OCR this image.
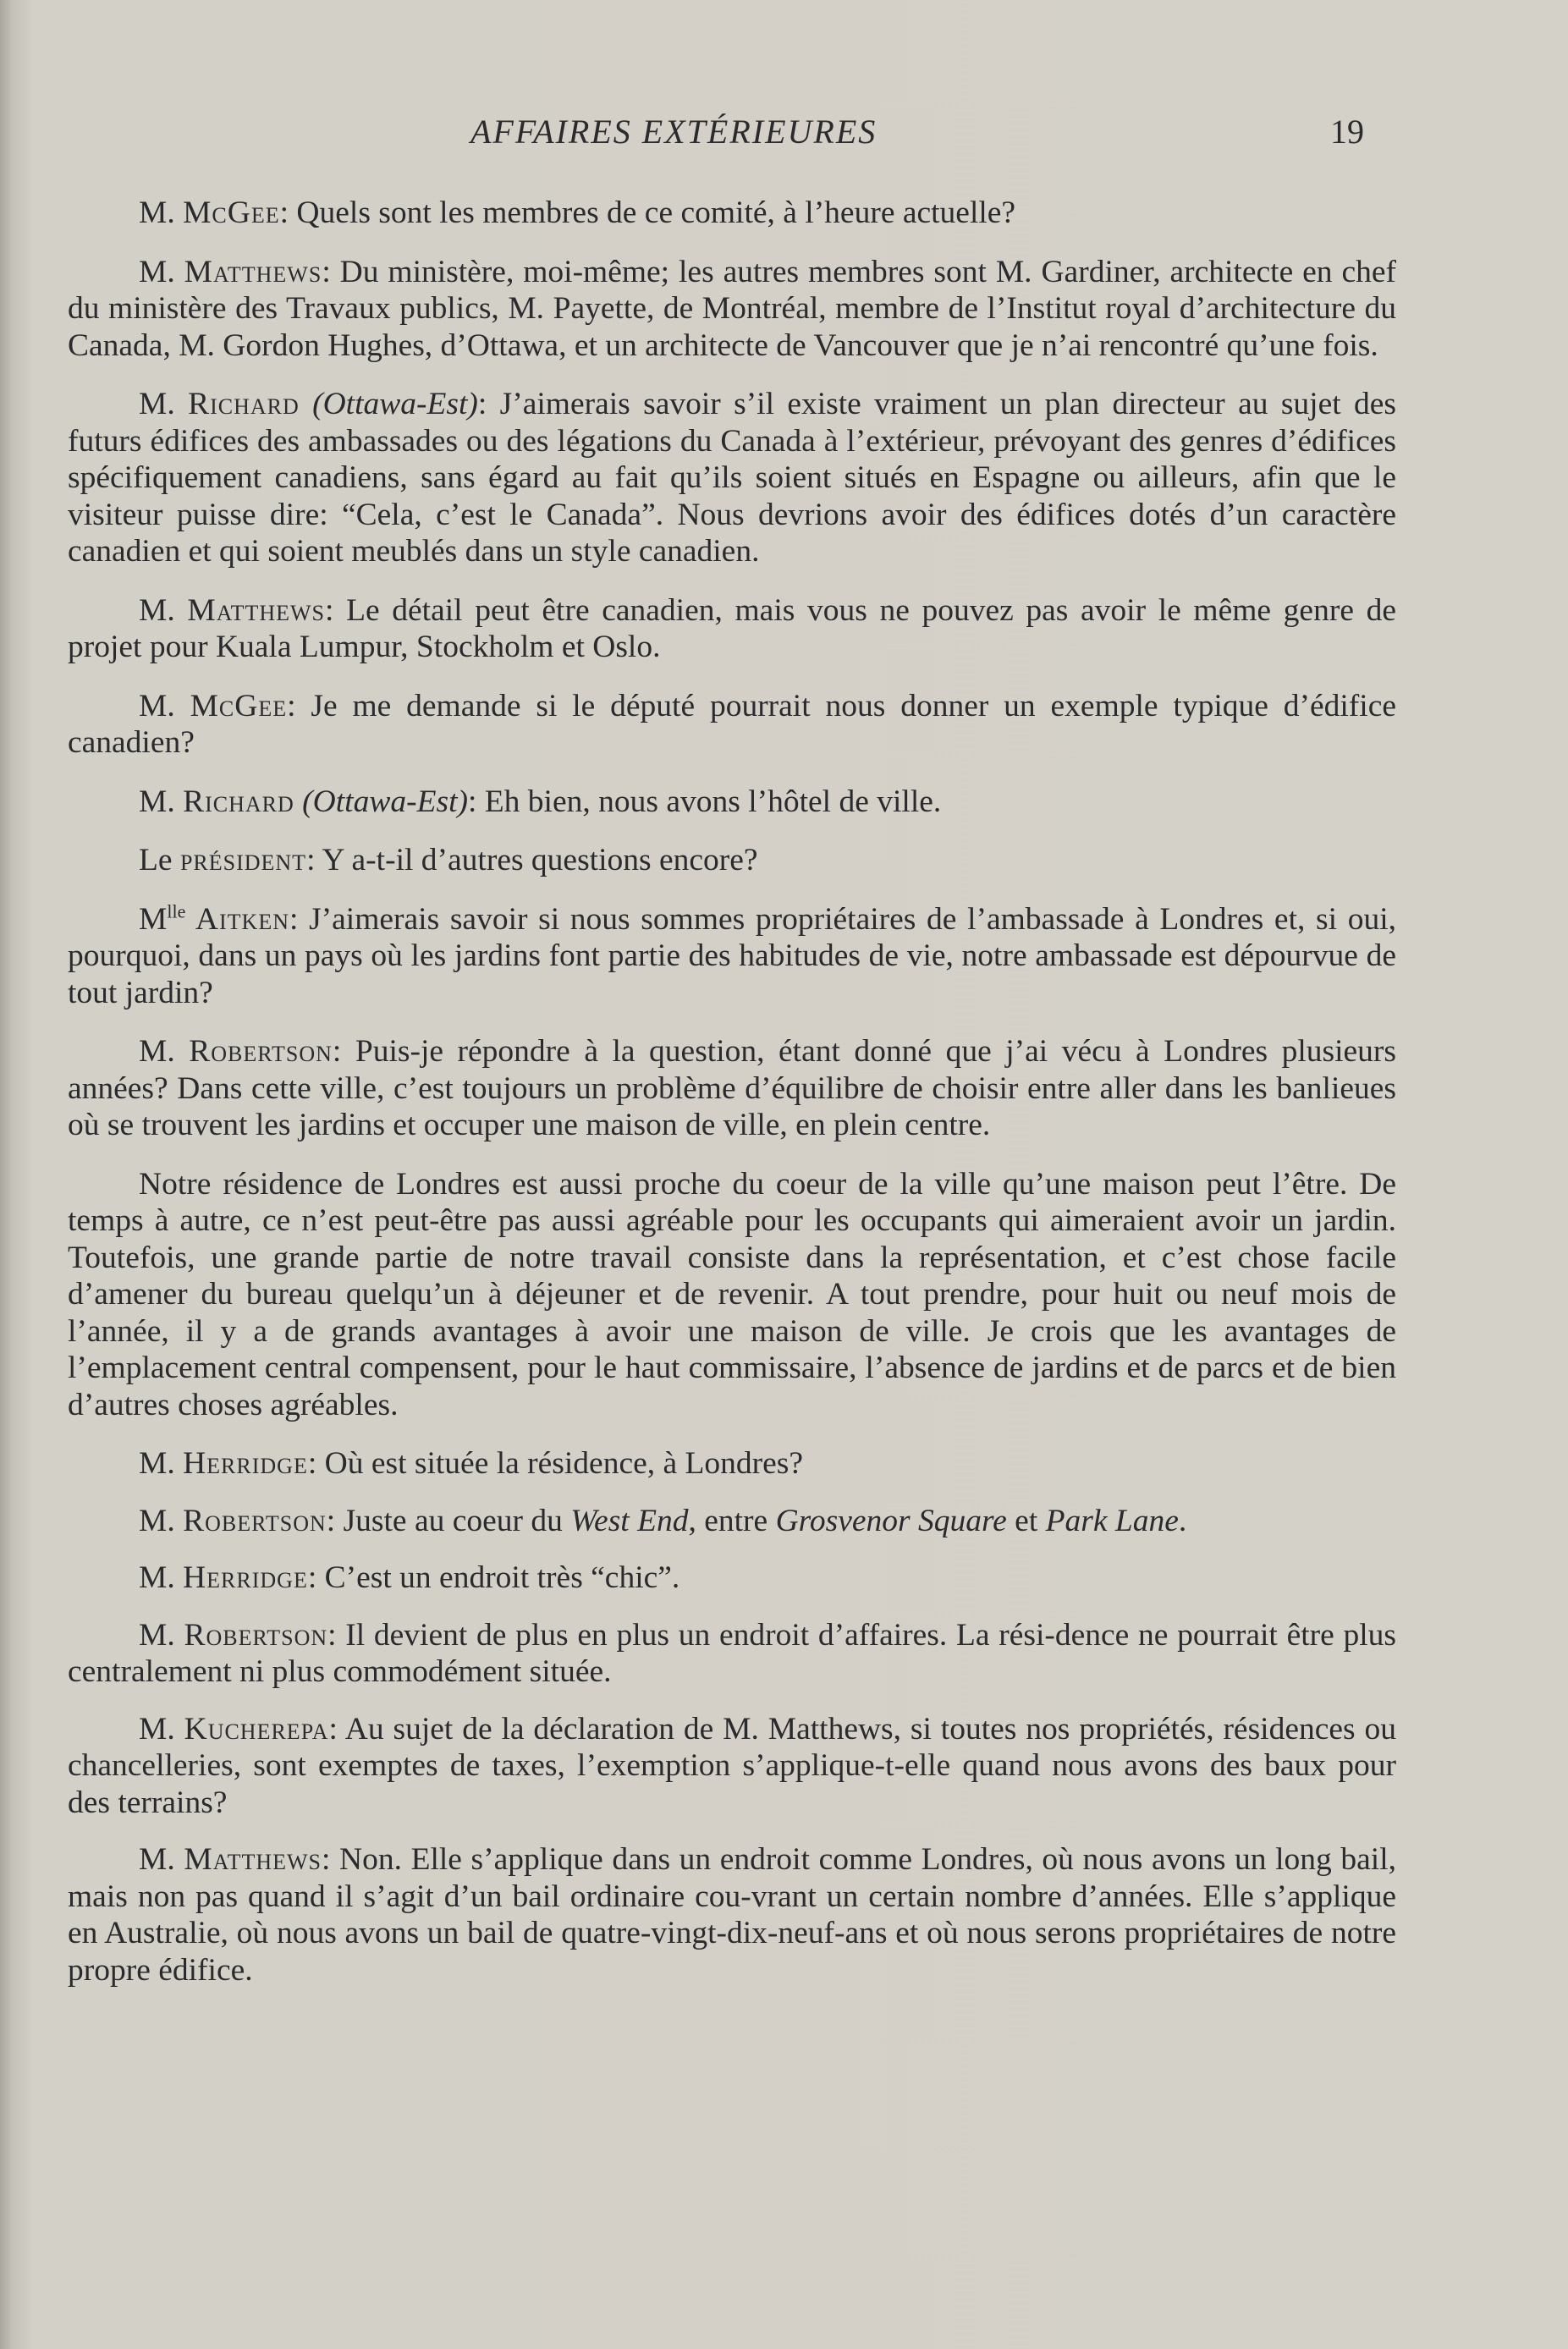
AFFAIRES EXTÉRIEURES	19

M. McGee: Quels sont les membres de ce comité, à l’heure actuelle?

M. Matthews: Du ministère, moi-même; les autres membres sont M. Gardiner, architecte en chef du ministère des Travaux publics, M. Payette, de Montréal, membre de l’Institut royal d’architecture du Canada, M. Gordon Hughes, d’Ottawa, et un architecte de Vancouver que je n’ai rencontré qu’une fois.

M. Richard (Ottawa-Est): J’aimerais savoir s’il existe vraiment un plan directeur au sujet des futurs édifices des ambassades ou des légations du Canada à l’extérieur, prévoyant des genres d’édifices spécifiquement canadiens, sans égard au fait qu’ils soient situés en Espagne ou ailleurs, afin que le visiteur puisse dire: “Cela, c’est le Canada”. Nous devrions avoir des édifices dotés d’un caractère canadien et qui soient meublés dans un style canadien.

M. Matthews: Le détail peut être canadien, mais vous ne pouvez pas avoir le même genre de projet pour Kuala Lumpur, Stockholm et Oslo.

M. McGee: Je me demande si le député pourrait nous donner un exemple typique d’édifice canadien?

M. Richard (Ottawa-Est): Eh bien, nous avons l’hôtel de ville.

Le président: Y a-t-il d’autres questions encore?

$M^{lle}$ Aitken: J’aimerais savoir si nous sommes propriétaires de l’ambassade à Londres et, si oui, pourquoi, dans un pays où les jardins font partie des habitudes de vie, notre ambassade est dépourvue de tout jardin?

M. Robertson: Puis-je répondre à la question, étant donné que j’ai vécu à Londres plusieurs années? Dans cette ville, c’est toujours un problème d’équilibre de choisir entre aller dans les banlieues où se trouvent les jardins et occuper une maison de ville, en plein centre.

Notre résidence de Londres est aussi proche du coeur de la ville qu’une maison peut l’être. De temps à autre, ce n’est peut-être pas aussi agréable pour les occupants qui aimeraient avoir un jardin. Toutefois, une grande partie de notre travail consiste dans la représentation, et c’est chose facile d’amener du bureau quelqu’un à déjeuner et de revenir. A tout prendre, pour huit ou neuf mois de l’année, il y a de grands avantages à avoir une maison de ville. Je crois que les avantages de l’emplacement central compensent, pour le haut commissaire, l’absence de jardins et de parcs et de bien d’autres choses agréables.

M. Herridge: Où est située la résidence, à Londres?

M. Robertson: Juste au coeur du West End, entre Grosvenor Square et Park Lane.

M. Herridge: C’est un endroit très “chic”.

M. Robertson: Il devient de plus en plus un endroit d’affaires. La rési-dence ne pourrait être plus centralement ni plus commodément située.

M. Kucherepa: Au sujet de la déclaration de M. Matthews, si toutes nos propriétés, résidences ou chancelleries, sont exemptes de taxes, l’exemption s’applique-t-elle quand nous avons des baux pour des terrains?

M. Matthews: Non. Elle s’applique dans un endroit comme Londres, où nous avons un long bail, mais non pas quand il s’agit d’un bail ordinaire cou-vrant un certain nombre d’années. Elle s’applique en Australie, où nous avons un bail de quatre-vingt-dix-neuf-ans et où nous serons propriétaires de notre propre édifice.
